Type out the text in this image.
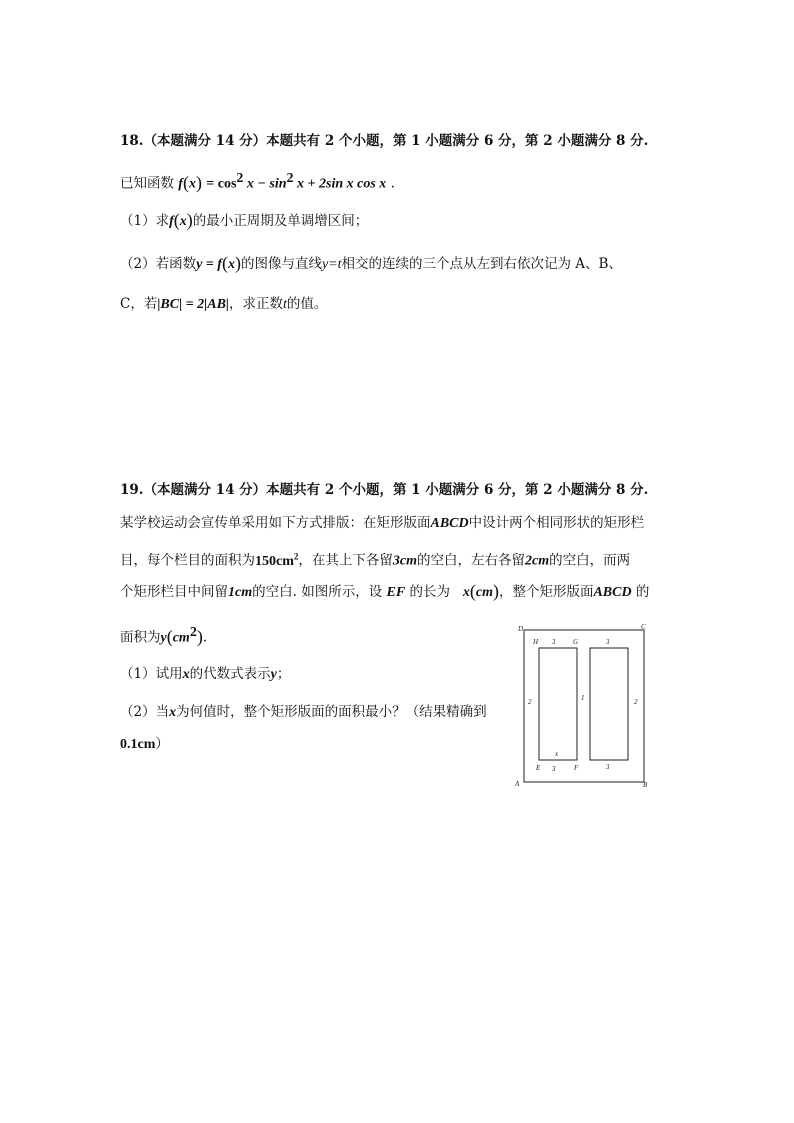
18.（本题满分 14 分）本题共有 2 个小题，第 1 小题满分 6 分，第 2 小题满分 8 分.
已知函数 $f(x) = \cos^2 x - \sin^2 x + 2\sin$ x cos x .
（1）求f(x)的最小正周期及单调增区间；
（2）若函数y = f(x)的图像与直线y=t相交的连续的三个点从左到右依次记为 A、B、
C，若|BC| = 2|AB|，求正数t的值。
19.（本题满分 14 分）本题共有 2 个小题，第 1 小题满分 6 分，第 2 小题满分 8 分.
某学校运动会宣传单采用如下方式排版：在矩形版面ABCD中设计两个相同形状的矩形栏
目，每个栏目的面积为$150cm^2$，在其上下各留3cm的空白，左右各留2cm的空白，而两
个矩形栏目中间留1cm的空白. 如图所示，设 EF 的长为 x(cm)，整个矩形版面ABCD 的
面积为$y(cm^2)$.
（1）试用x的代数式表示y；
（2）当x为何值时，整个矩形版面的面积最小？（结果精确到
0.1cm）
D	C
A	B
H 3	G	3
2	1	2
x
E 3	F	3
